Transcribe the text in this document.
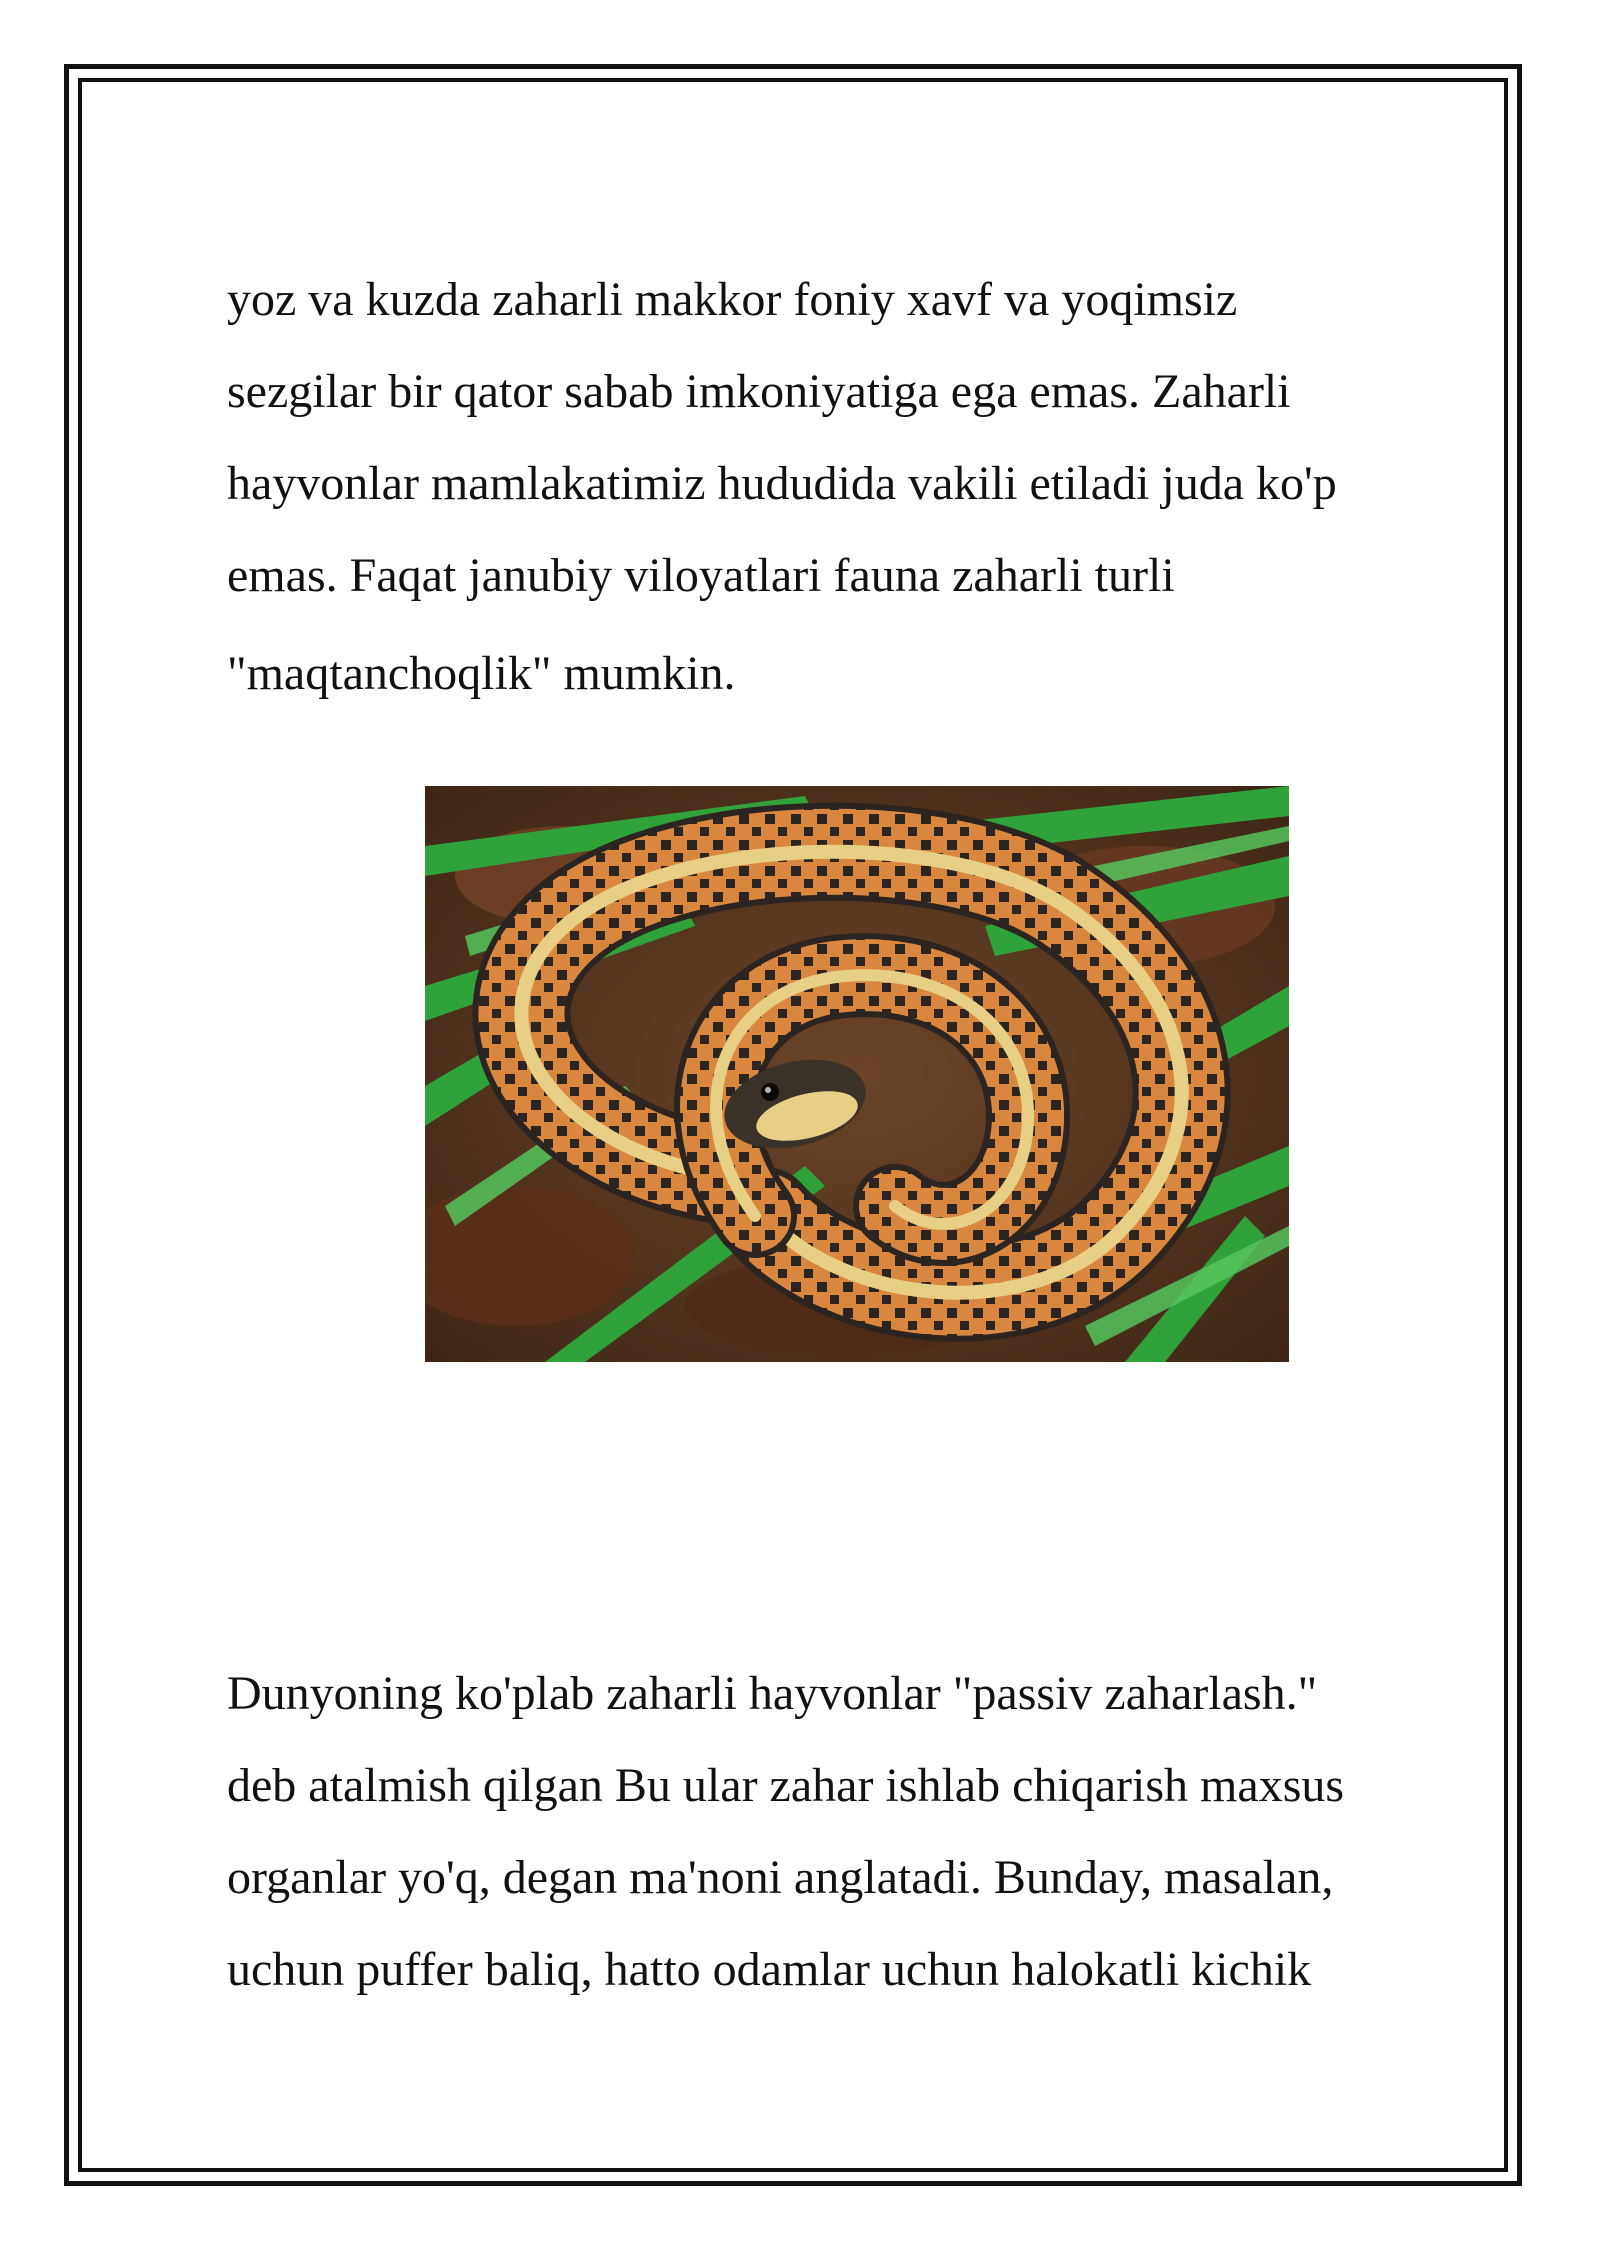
yoz va kuzda zaharli makkor foniy xavf va yoqimsiz
sezgilar bir qator sabab imkoniyatiga ega emas. Zaharli
hayvonlar mamlakatimiz hududida vakili etiladi juda ko'p
emas. Faqat janubiy viloyatlari fauna zaharli turli
"maqtanchoqlik" mumkin.
Dunyoning ko'plab zaharli hayvonlar "passiv zaharlash."
deb atalmish qilgan Bu ular zahar ishlab chiqarish maxsus
organlar yo'q, degan ma'noni anglatadi. Bunday, masalan,
uchun puffer baliq, hatto odamlar uchun halokatli kichik
